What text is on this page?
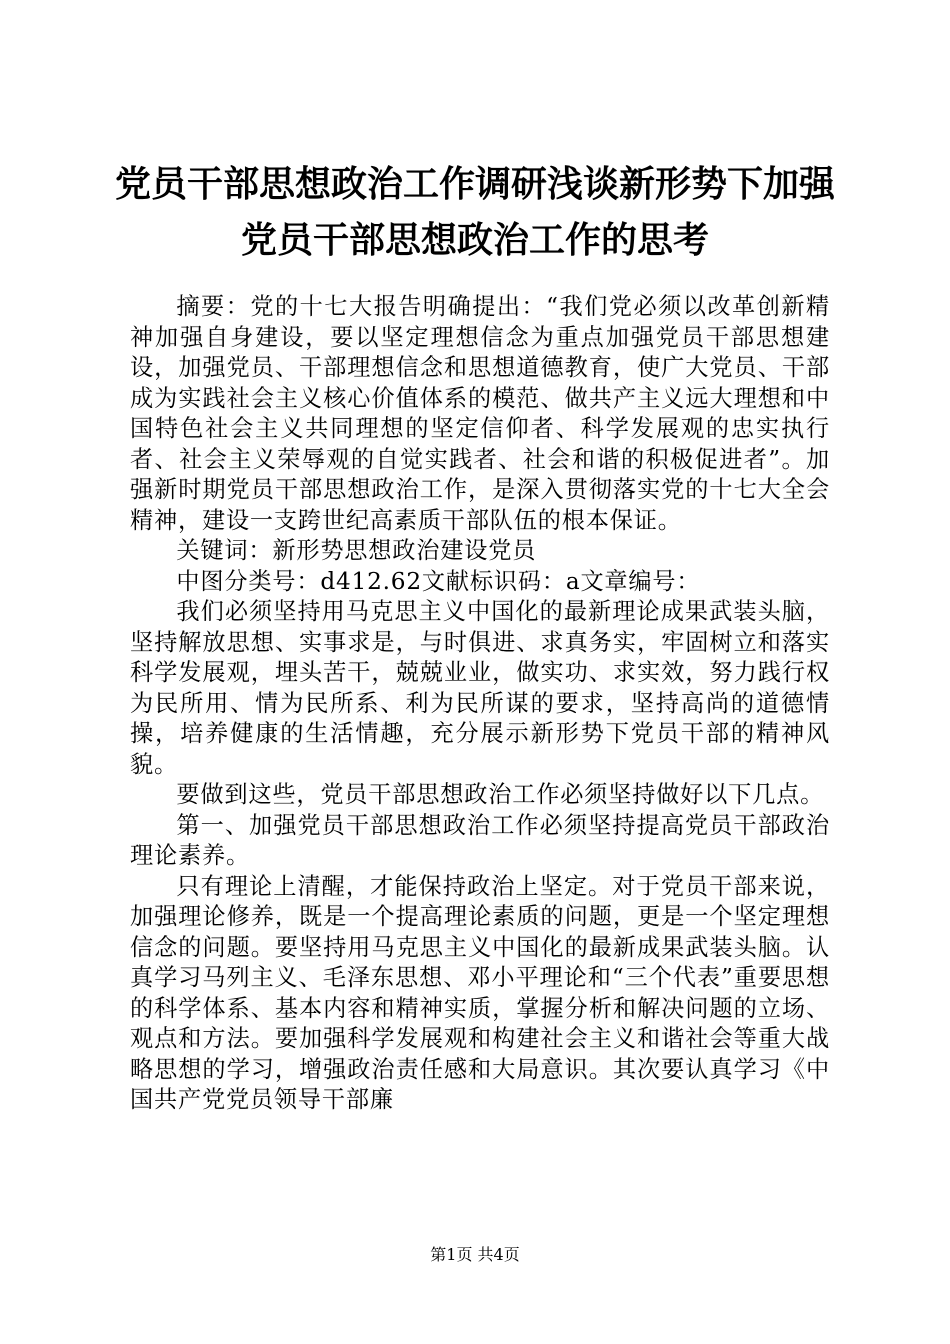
党员干部思想政治工作调研浅谈新形势下加强
党员干部思想政治工作的思考

摘要：党的十七大报告明确提出：“我们党必须以改革创新精神加强自身建设，要以坚定理想信念为重点加强党员干部思想建设，加强党员、干部理想信念和思想道德教育，使广大党员、干部成为实践社会主义核心价值体系的模范、做共产主义远大理想和中国特色社会主义共同理想的坚定信仰者、科学发展观的忠实执行者、社会主义荣辱观的自觉实践者、社会和谐的积极促进者”。加强新时期党员干部思想政治工作，是深入贯彻落实党的十七大全会精神，建设一支跨世纪高素质干部队伍的根本保证。

关键词：新形势思想政治建设党员

中图分类号：d412.62文献标识码：a文章编号：

我们必须坚持用马克思主义中国化的最新理论成果武装头脑，坚持解放思想、实事求是，与时俱进、求真务实，牢固树立和落实科学发展观，埋头苦干，兢兢业业，做实功、求实效，努力践行权为民所用、情为民所系、利为民所谋的要求，坚持高尚的道德情操，培养健康的生活情趣，充分展示新形势下党员干部的精神风貌。

要做到这些，党员干部思想政治工作必须坚持做好以下几点。

第一、加强党员干部思想政治工作必须坚持提高党员干部政治理论素养。

只有理论上清醒，才能保持政治上坚定。对于党员干部来说，加强理论修养，既是一个提高理论素质的问题，更是一个坚定理想信念的问题。要坚持用马克思主义中国化的最新成果武装头脑。认真学习马列主义、毛泽东思想、邓小平理论和“三个代表”重要思想的科学体系、基本内容和精神实质，掌握分析和解决问题的立场、观点和方法。要加强科学发展观和构建社会主义和谐社会等重大战略思想的学习，增强政治责任感和大局意识。其次要认真学习《中国共产党党员领导干部廉

第1页 共4页
